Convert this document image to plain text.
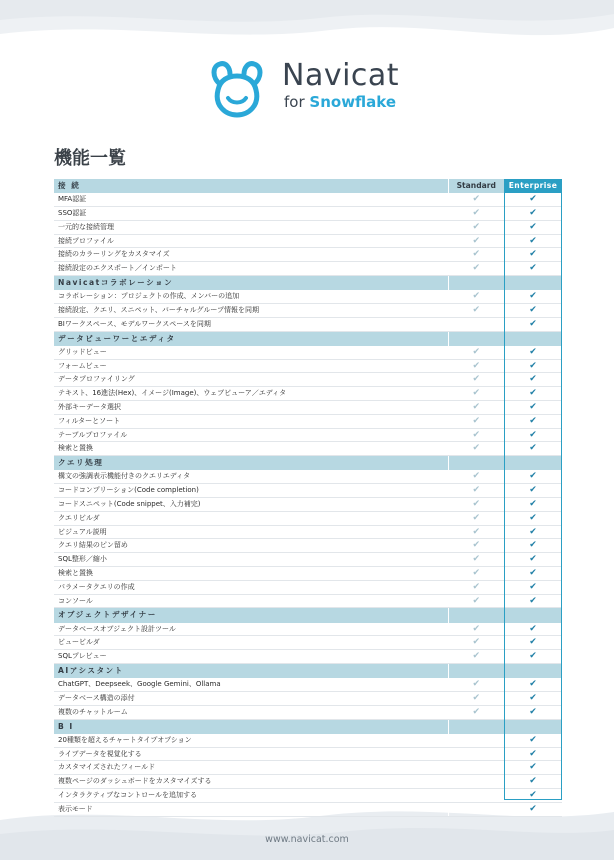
Navicat
for Snowflake
機能一覧
接 続	Standard	Enterprise
MFA認証	✔	✔
SSO認証	✔	✔
一元的な接続管理	✔	✔
接続プロファイル	✔	✔
接続のカラーリングをカスタマイズ	✔	✔
接続設定のエクスポート／インポート	✔	✔
Navicatコラボレーション		
コラボレーション：プロジェクトの作成、メンバーの追加	✔	✔
接続設定、クエリ、スニペット、バーチャルグループ情報を同期	✔	✔
BIワークスペース、モデルワークスペースを同期		✔
データビューワーとエディタ		
グリッドビュー	✔	✔
フォームビュー	✔	✔
データプロファイリング	✔	✔
テキスト、16進法(Hex)、イメージ(Image)、ウェブビューア／エディタ	✔	✔
外部キーデータ選択	✔	✔
フィルターとソート	✔	✔
テーブルプロファイル	✔	✔
検索と置換	✔	✔
クエリ処理		
構文の強調表示機能付きのクエリエディタ	✔	✔
コードコンプリーション(Code completion)	✔	✔
コードスニペット(Code snippet、入力補完)	✔	✔
クエリビルダ	✔	✔
ビジュアル説明	✔	✔
クエリ結果のピン留め	✔	✔
SQL整形／縮小	✔	✔
検索と置換	✔	✔
パラメータクエリの作成	✔	✔
コンソール	✔	✔
オブジェクトデザイナー		
データベースオブジェクト設計ツール	✔	✔
ビュービルダ	✔	✔
SQLプレビュー	✔	✔
AIアシスタント		
ChatGPT、Deepseek、Google Gemini、Ollama	✔	✔
データベース構造の添付	✔	✔
複数のチャットルーム	✔	✔
B I		
20種類を超えるチャートタイプオプション		✔
ライブデータを視覚化する		✔
カスタマイズされたフィールド		✔
複数ページのダッシュボードをカスタマイズする		✔
インタラクティブなコントロールを追加する		✔
表示モード		✔
www.navicat.com
